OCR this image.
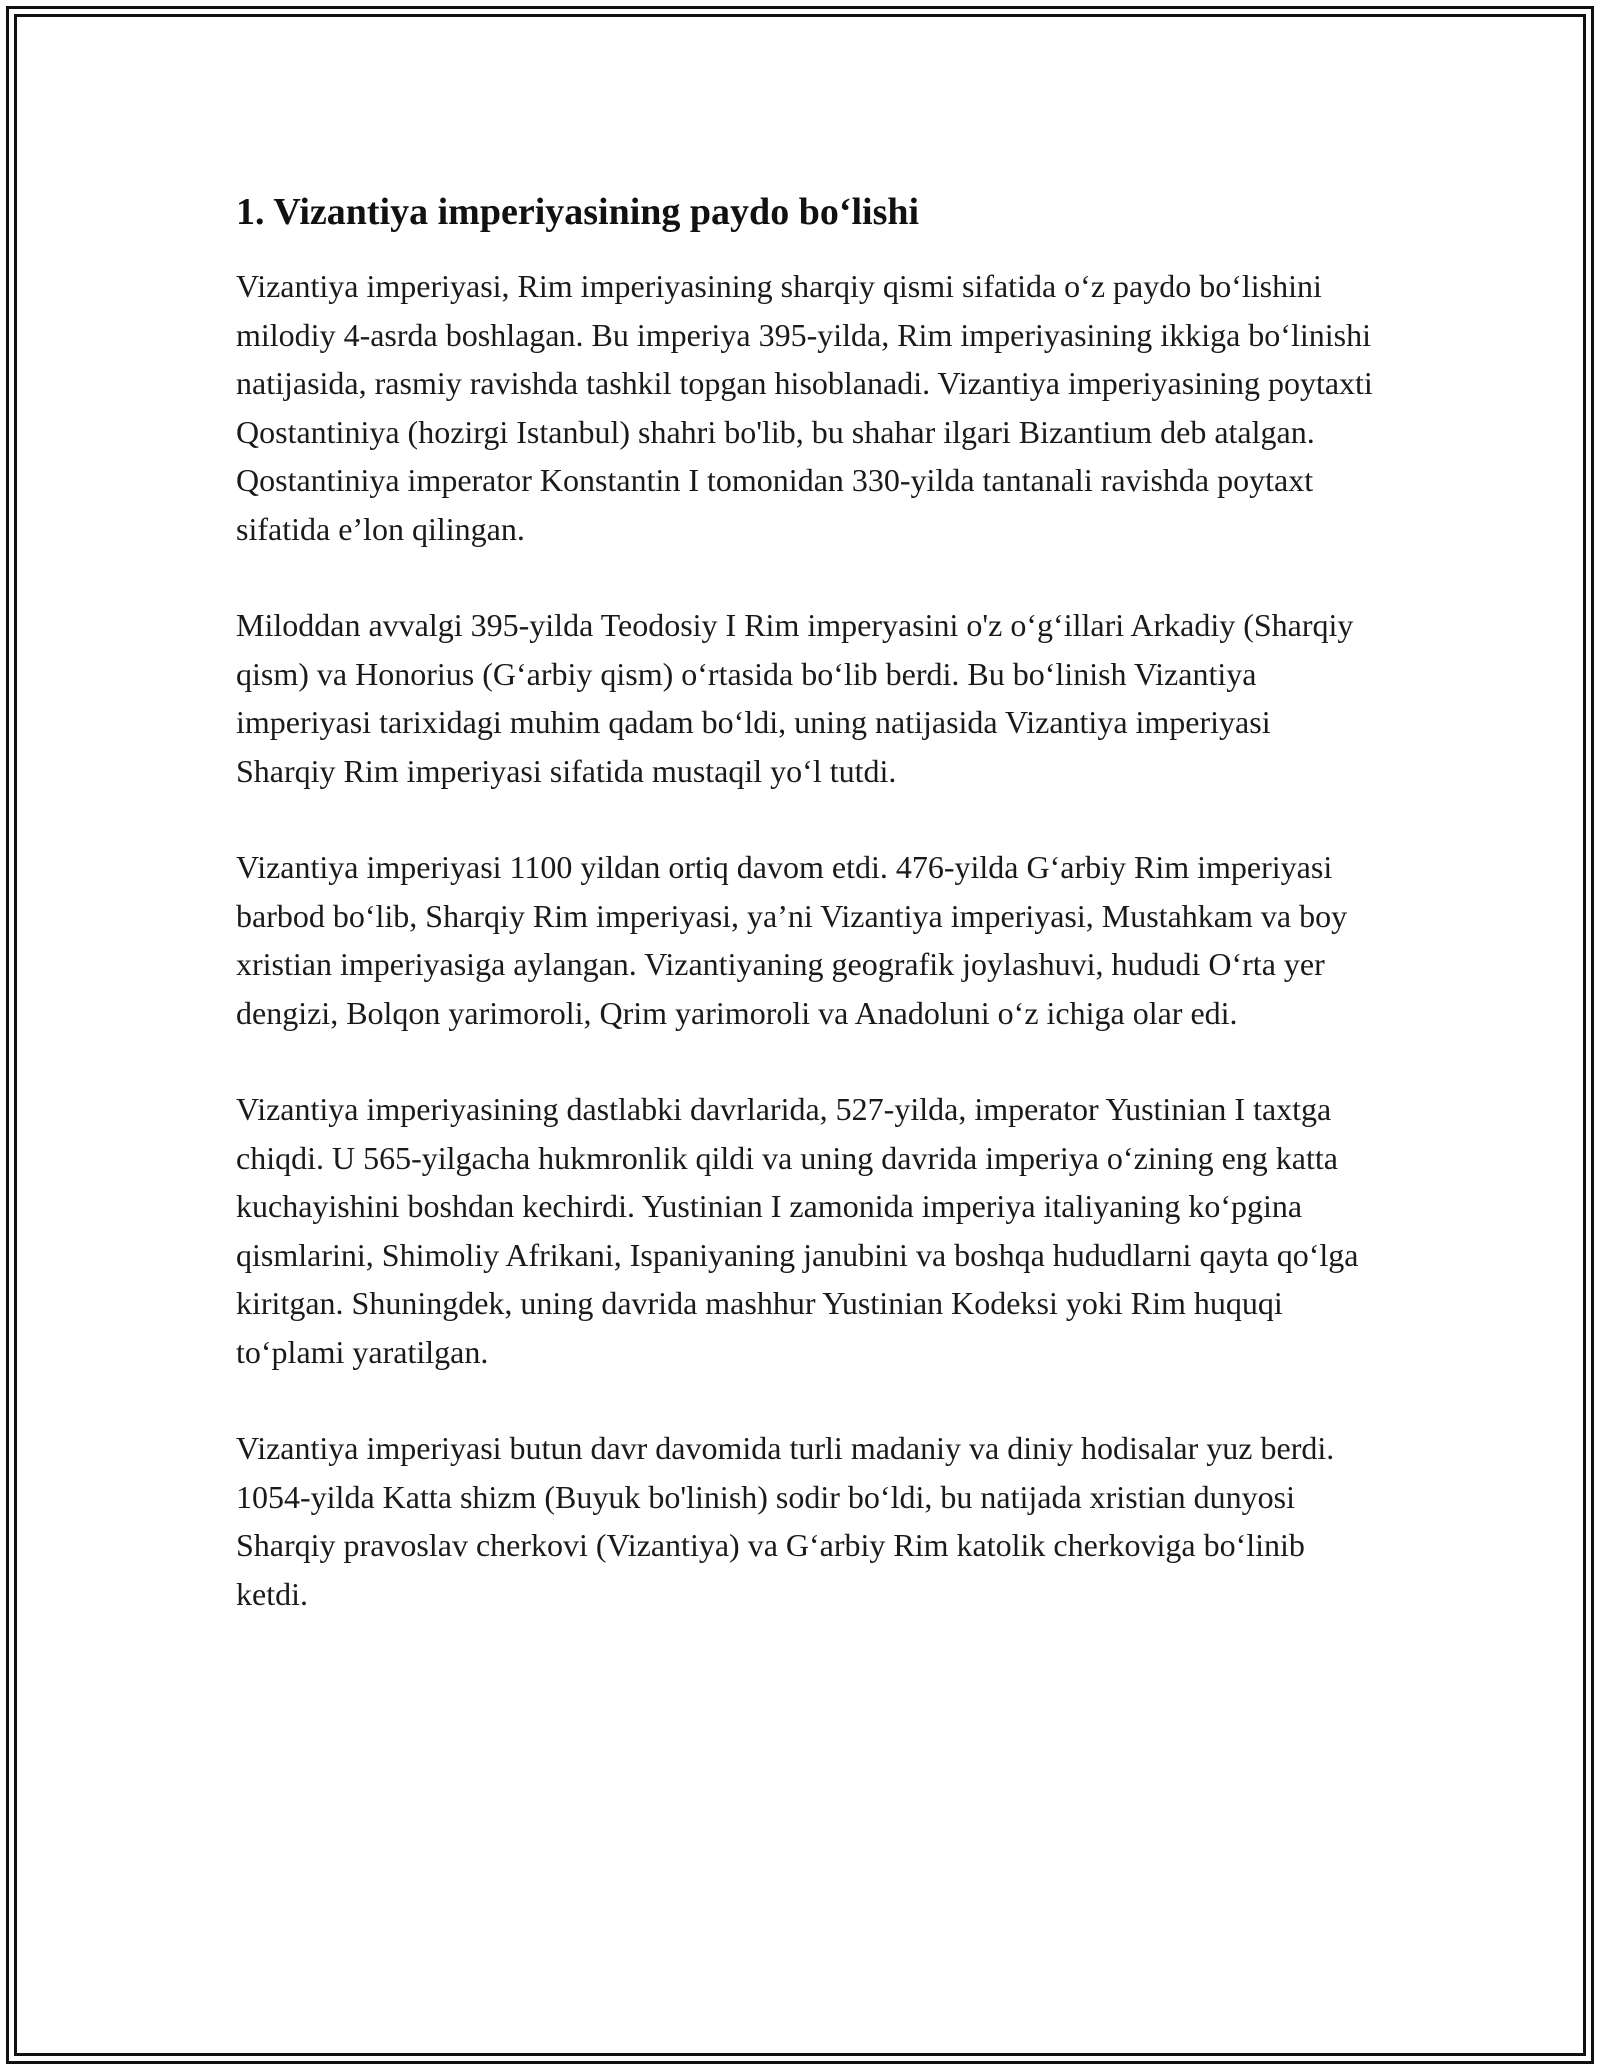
1. Vizantiya imperiyasining paydo bo‘lishi

Vizantiya imperiyasi, Rim imperiyasining sharqiy qismi sifatida o‘z paydo bo‘lishini milodiy 4-asrda boshlagan. Bu imperiya 395-yilda, Rim imperiyasining ikkiga bo‘linishi natijasida, rasmiy ravishda tashkil topgan hisoblanadi. Vizantiya imperiyasining poytaxti Qostantiniya (hozirgi Istanbul) shahri bo'lib, bu shahar ilgari Bizantium deb atalgan. Qostantiniya imperator Konstantin I tomonidan 330-yilda tantanali ravishda poytaxt sifatida e’lon qilingan.

Miloddan avvalgi 395-yilda Teodosiy I Rim imperyasini o'z o‘g‘illari Arkadiy (Sharqiy qism) va Honorius (G‘arbiy qism) o‘rtasida bo‘lib berdi. Bu bo‘linish Vizantiya imperiyasi tarixidagi muhim qadam bo‘ldi, uning natijasida Vizantiya imperiyasi Sharqiy Rim imperiyasi sifatida mustaqil yo‘l tutdi.

Vizantiya imperiyasi 1100 yildan ortiq davom etdi. 476-yilda G‘arbiy Rim imperiyasi barbod bo‘lib, Sharqiy Rim imperiyasi, ya’ni Vizantiya imperiyasi, Mustahkam va boy xristian imperiyasiga aylangan. Vizantiyaning geografik joylashuvi, hududi O‘rta yer dengizi, Bolqon yarimoroli, Qrim yarimoroli va Anadoluni o‘z ichiga olar edi.

Vizantiya imperiyasining dastlabki davrlarida, 527-yilda, imperator Yustinian I taxtga chiqdi. U 565-yilgacha hukmronlik qildi va uning davrida imperiya o‘zining eng katta kuchayishini boshdan kechirdi. Yustinian I zamonida imperiya italiyaning ko‘pgina qismlarini, Shimoliy Afrikani, Ispaniyaning janubini va boshqa hududlarni qayta qo‘lga kiritgan. Shuningdek, uning davrida mashhur Yustinian Kodeksi yoki Rim huquqi to‘plami yaratilgan.

Vizantiya imperiyasi butun davr davomida turli madaniy va diniy hodisalar yuz berdi. 1054-yilda Katta shizm (Buyuk bo'linish) sodir bo‘ldi, bu natijada xristian dunyosi Sharqiy pravoslav cherkovi (Vizantiya) va G‘arbiy Rim katolik cherkoviga bo‘linib ketdi.
